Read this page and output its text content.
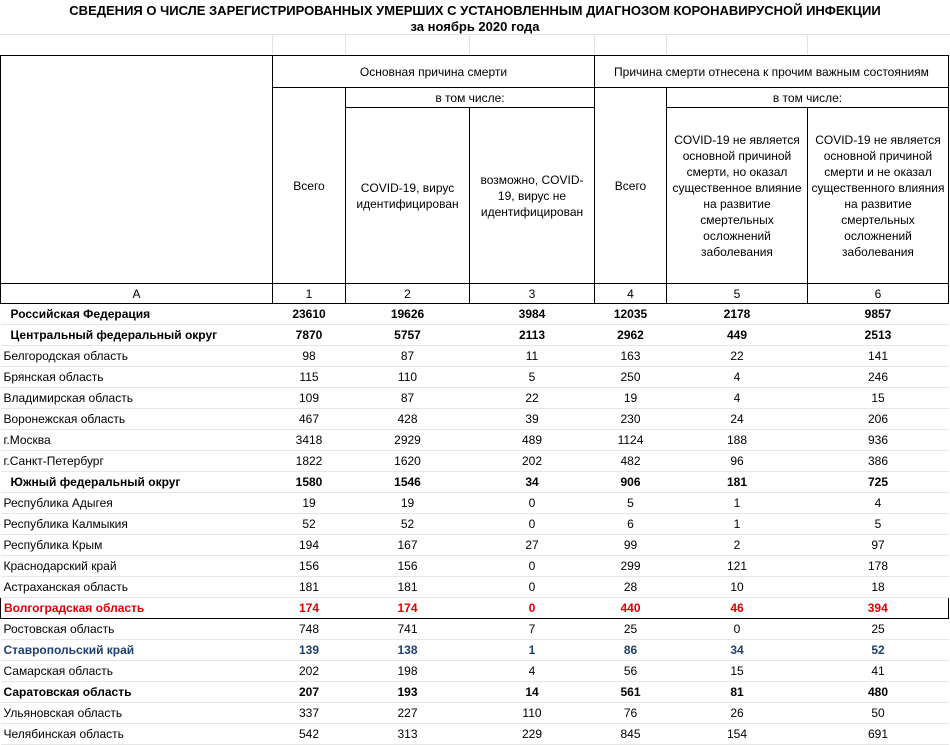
СВЕДЕНИЯ О ЧИСЛЕ ЗАРЕГИСТРИРОВАННЫХ УМЕРШИХ С УСТАНОВЛЕННЫМ ДИАГНОЗОМ КОРОНАВИРУСНОЙ ИНФЕКЦИИ
за ноябрь 2020 года
	Основная причина смерти			Причина смерти отнесена к прочим важным состояниям		
	Всего	в том числе:		Всего	в том числе:	
		COVID-19, вирус идентифицирован	возможно, COVID-19, вирус не идентифицирован		COVID-19 не является основной причиной смерти, но оказал существенное влияние на развитие смертельных осложнений заболевания	COVID-19 не является основной причиной смерти и не оказал существенного влияния на развитие смертельных осложнений заболевания
A	1	2	3	4	5	6
Российская Федерация	23610	19626	3984	12035	2178	9857
Центральный федеральный округ	7870	5757	2113	2962	449	2513
Белгородская область	98	87	11	163	22	141
Брянская область	115	110	5	250	4	246
Владимирская область	109	87	22	19	4	15
Воронежская область	467	428	39	230	24	206
г.Москва	3418	2929	489	1124	188	936
г.Санкт-Петербург	1822	1620	202	482	96	386
Южный федеральный округ	1580	1546	34	906	181	725
Республика Адыгея	19	19	0	5	1	4
Республика Калмыкия	52	52	0	6	1	5
Республика Крым	194	167	27	99	2	97
Краснодарский край	156	156	0	299	121	178
Астраханская область	181	181	0	28	10	18
Волгоградская область	174	174	0	440	46	394
Ростовская область	748	741	7	25	0	25
Ставропольский край	139	138	1	86	34	52
Самарская область	202	198	4	56	15	41
Саратовская область	207	193	14	561	81	480
Ульяновская область	337	227	110	76	26	50
Челябинская область	542	313	229	845	154	691
